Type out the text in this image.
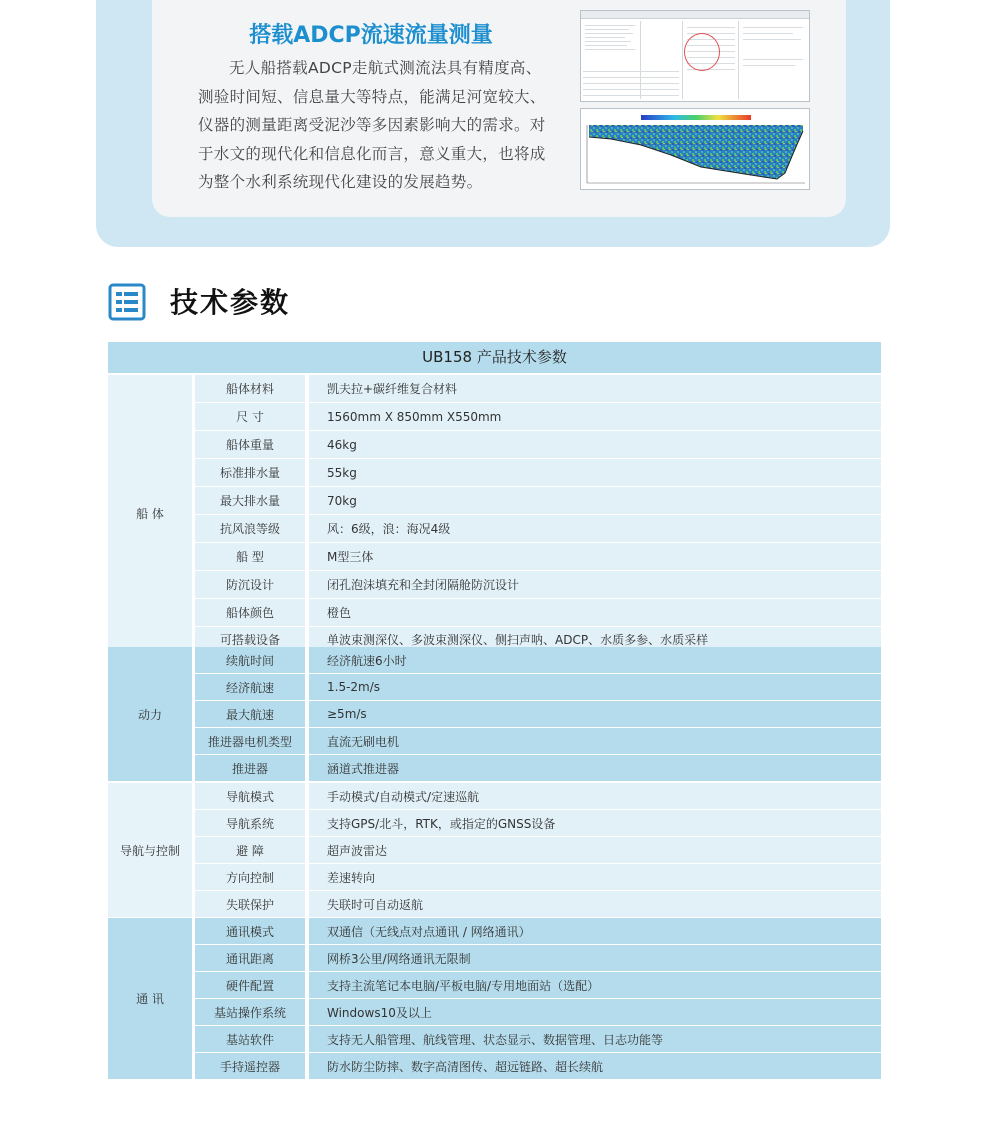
搭载ADCP流速流量测量
无人船搭载ADCP走航式测流法具有精度高、测验时间短、信息量大等特点，能满足河宽较大、仪器的测量距离受泥沙等多因素影响大的需求。对于水文的现代化和信息化而言，意义重大，也将成为整个水利系统现代化建设的发展趋势。
技术参数
UB158 产品技术参数
船 体
船体材料	凯夫拉+碳纤维复合材料
尺 寸	1560mm X 850mm X550mm
船体重量	46kg
标准排水量	55kg
最大排水量	70kg
抗风浪等级	风：6级，浪：海况4级
船 型	M型三体
防沉设计	闭孔泡沫填充和全封闭隔舱防沉设计
船体颜色	橙色
可搭载设备	单波束测深仪、多波束测深仪、侧扫声呐、ADCP、水质多参、水质采样
动力
续航时间	经济航速6小时
经济航速	1.5-2m/s
最大航速	≥5m/s
推进器电机类型	直流无刷电机
推进器	涵道式推进器
导航与控制
导航模式	手动模式/自动模式/定速巡航
导航系统	支持GPS/北斗，RTK，或指定的GNSS设备
避 障	超声波雷达
方向控制	差速转向
失联保护	失联时可自动返航
通 讯
通讯模式	双通信（无线点对点通讯 / 网络通讯）
通讯距离	网桥3公里/网络通讯无限制
硬件配置	支持主流笔记本电脑/平板电脑/专用地面站（选配）
基站操作系统	Windows10及以上
基站软件	支持无人船管理、航线管理、状态显示、数据管理、日志功能等
手持遥控器	防水防尘防摔、数字高清图传、超远链路、超长续航
